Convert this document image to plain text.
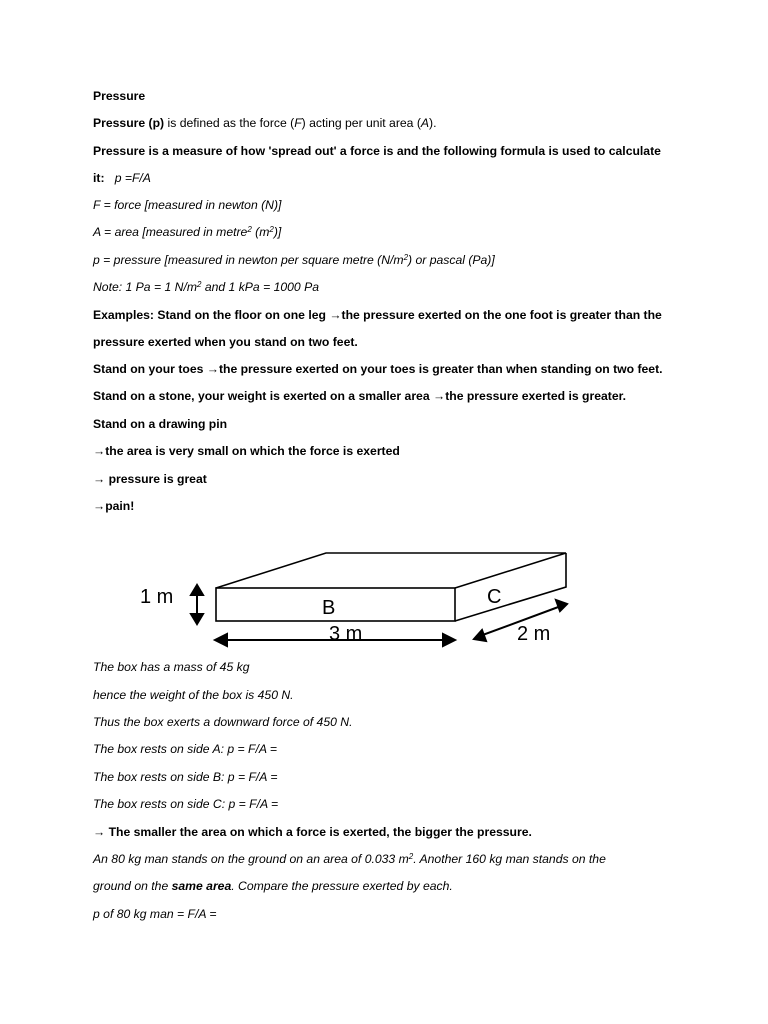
Pressure

Pressure (p) is defined as the force (F) acting per unit area (A).

Pressure is a measure of how 'spread out' a force is and the following formula is used to calculate

it: p =F/A

F = force [measured in newton (N)]

A = area [measured in metre$^2$ $(m^2)$]

p = pressure [measured in newton per square metre $(N/m^2)$ or pascal (Pa)]

Note: 1 Pa = 1 $N/m^2$ and 1 kPa = 1000 Pa

Examples: Stand on the floor on one leg →the pressure exerted on the one foot is greater than the

pressure exerted when you stand on two feet.

Stand on your toes →the pressure exerted on your toes is greater than when standing on two feet.

Stand on a stone, your weight is exerted on a smaller area →the pressure exerted is greater.

Stand on a drawing pin

→the area is very small on which the force is exerted

→ pressure is great

→pain!

1 m	B	C
3 m	2 m

The box has a mass of 45 kg

hence the weight of the box is 450 N.

Thus the box exerts a downward force of 450 N.

The box rests on side A: p = F/A =

The box rests on side B: p = F/A =

The box rests on side C: p = F/A =

→ The smaller the area on which a force is exerted, the bigger the pressure.

An 80 kg man stands on the ground on an area of 0.033 $m^2$. Another 160 kg man stands on the

ground on the same area. Compare the pressure exerted by each.

p of 80 kg man = F/A =
